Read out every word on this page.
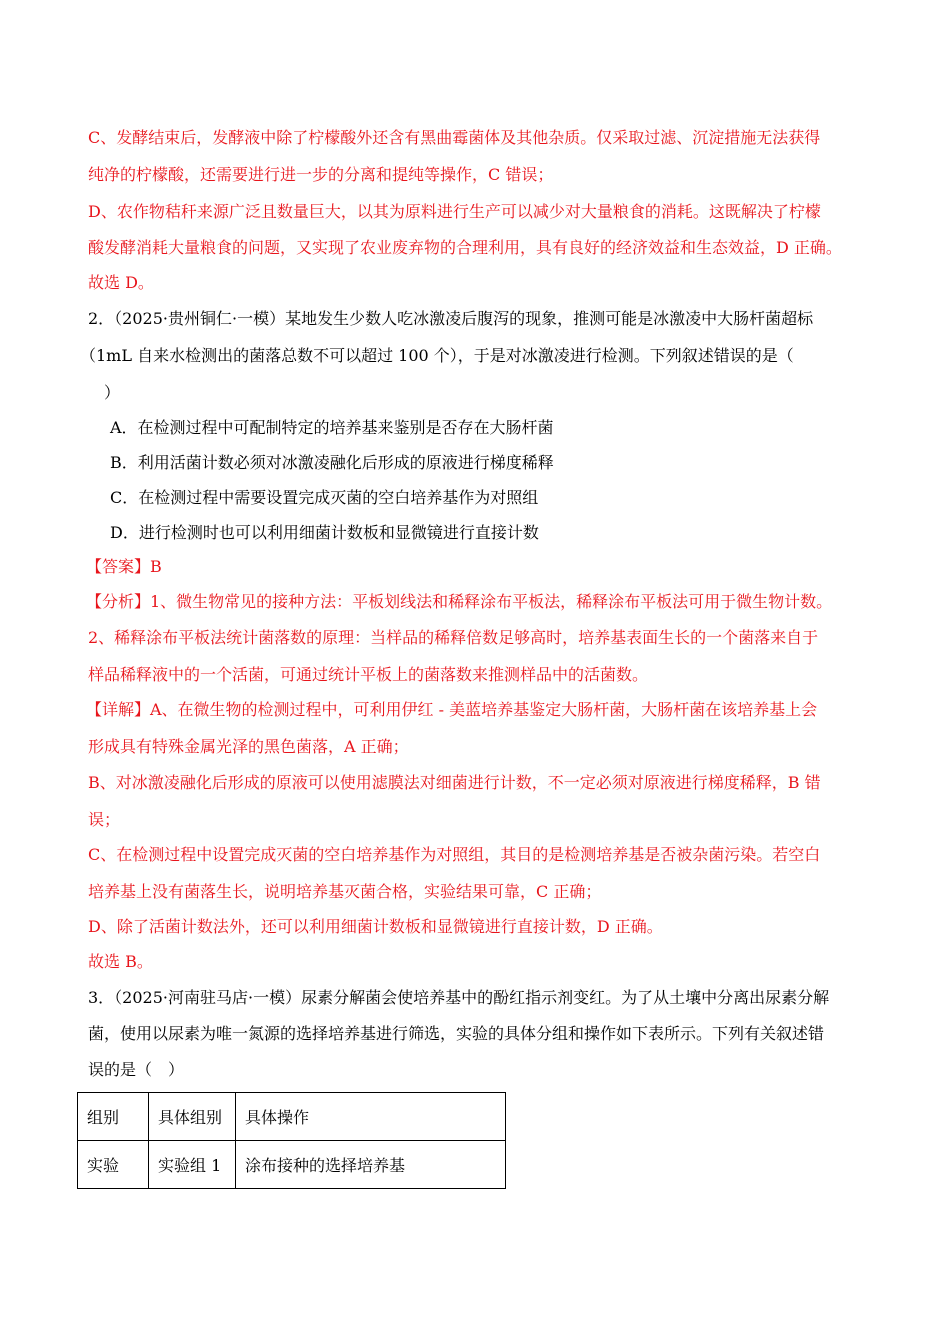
C、发酵结束后，发酵液中除了柠檬酸外还含有黑曲霉菌体及其他杂质。仅采取过滤、沉淀措施无法获得
纯净的柠檬酸，还需要进行进一步的分离和提纯等操作，C 错误；
D、农作物秸秆来源广泛且数量巨大，以其为原料进行生产可以减少对大量粮食的消耗。这既解决了柠檬
酸发酵消耗大量粮食的问题，又实现了农业废弃物的合理利用，具有良好的经济效益和生态效益，D 正确。
故选 D。
2．（2025·贵州铜仁·一模）某地发生少数人吃冰激凌后腹泻的现象，推测可能是冰激凌中大肠杆菌超标
（1mL 自来水检测出的菌落总数不可以超过 100 个），于是对冰激凌进行检测。下列叙述错误的是（
）
A．在检测过程中可配制特定的培养基来鉴别是否存在大肠杆菌
B．利用活菌计数必须对冰激凌融化后形成的原液进行梯度稀释
C．在检测过程中需要设置完成灭菌的空白培养基作为对照组
D．进行检测时也可以利用细菌计数板和显微镜进行直接计数
【答案】B
【分析】1、微生物常见的接种方法：平板划线法和稀释涂布平板法，稀释涂布平板法可用于微生物计数。
2、稀释涂布平板法统计菌落数的原理：当样品的稀释倍数足够高时，培养基表面生长的一个菌落来自于
样品稀释液中的一个活菌，可通过统计平板上的菌落数来推测样品中的活菌数。
【详解】A、在微生物的检测过程中，可利用伊红 - 美蓝培养基鉴定大肠杆菌，大肠杆菌在该培养基上会
形成具有特殊金属光泽的黑色菌落，A 正确；
B、对冰激凌融化后形成的原液可以使用滤膜法对细菌进行计数，不一定必须对原液进行梯度稀释，B 错
误；
C、在检测过程中设置完成灭菌的空白培养基作为对照组，其目的是检测培养基是否被杂菌污染。若空白
培养基上没有菌落生长，说明培养基灭菌合格，实验结果可靠，C 正确；
D、除了活菌计数法外，还可以利用细菌计数板和显微镜进行直接计数，D 正确。
故选 B。
3．（2025·河南驻马店·一模）尿素分解菌会使培养基中的酚红指示剂变红。为了从土壤中分离出尿素分解
菌，使用以尿素为唯一氮源的选择培养基进行筛选，实验的具体分组和操作如下表所示。下列有关叙述错
误的是（　）
组别	具体组别	具体操作
实验	实验组 1	涂布接种的选择培养基
